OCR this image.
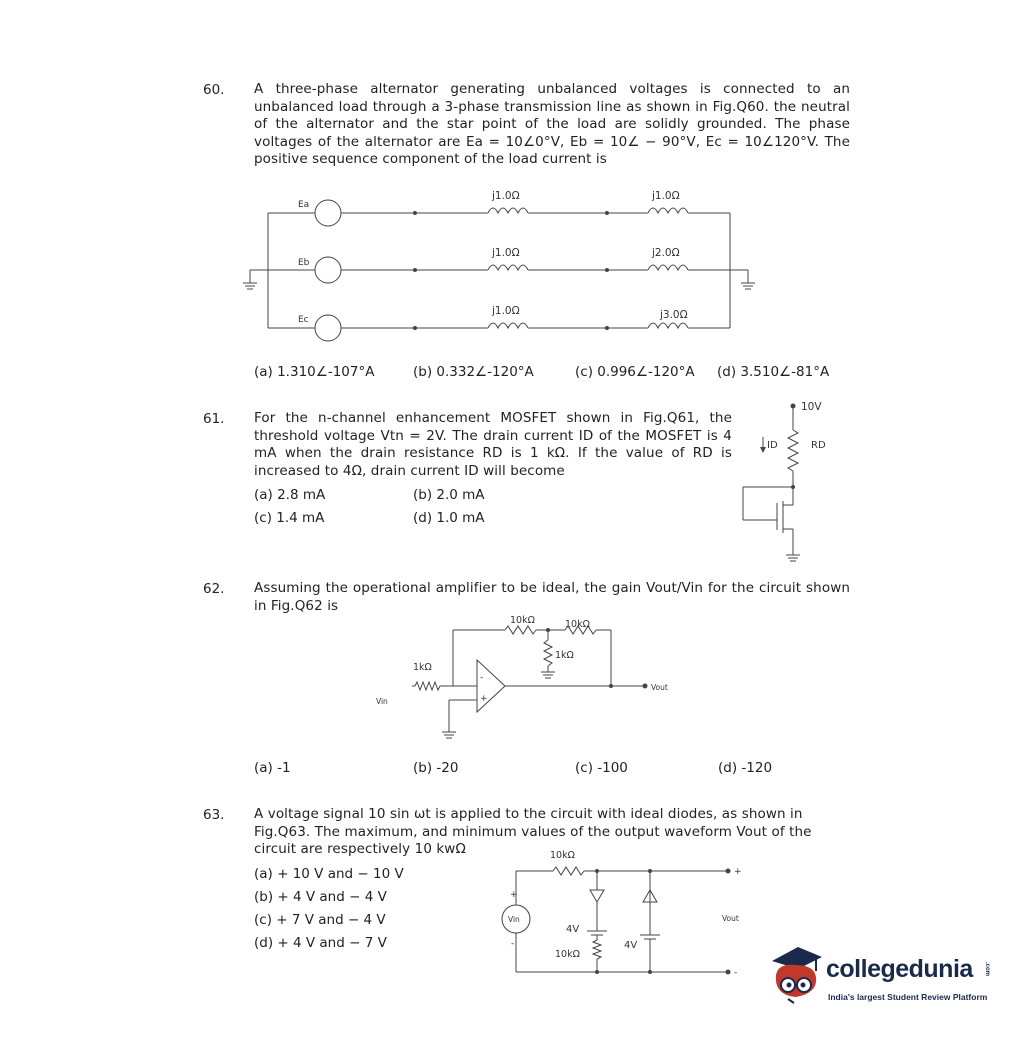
60. A three-phase alternator generating unbalanced voltages is connected to an unbalanced load through a 3-phase transmission line as shown in Fig.Q60. the neutral of the alternator and the star point of the load are solidly grounded. The phase voltages of the alternator are Ea = 10∠0°V, Eb = 10∠ − 90°V, Ec = 10∠120°V. The positive sequence component of the load current is
Ea
Eb
Ec
j1.0Ω
j1.0Ω
j1.0Ω
j1.0Ω
j2.0Ω
j3.0Ω
(a) 1.310∠-107°A	(b) 0.332∠-120°A	(c) 0.996∠-120°A (d) 3.510∠-81°A
61. For the n-channel enhancement MOSFET shown in Fig.Q61, the threshold voltage Vtn = 2V. The drain current ID of the MOSFET is 4 mA when the drain resistance RD is 1 kΩ. If the value of RD is increased to 4Ω, drain current ID will become
10V
ID	RD
(a) 2.8 mA	(b) 2.0 mA
(c) 1.4 mA	(d) 1.0 mA
62. Assuming the operational amplifier to be ideal, the gain Vout/Vin for the circuit shown in Fig.Q62 is
10kΩ	10kΩ
1kΩ
1kΩ
Vin
Vout
-
+
(a) -1	(b) -20	(c) -100	(d) -120
63. A voltage signal 10 sin ωt is applied to the circuit with ideal diodes, as shown in Fig.Q63. The maximum, and minimum values of the output waveform Vout of the circuit are respectively 10 kwΩ	10kΩ
10kΩ
4V
4V
Vin	Vout
+
-
+
-
(a) + 10 V and − 10 V
(b) + 4 V and − 4 V
(c) + 7 V and − 4 V
(d) + 4 V and − 7 V
collegedunia .com
India's largest Student Review Platform
